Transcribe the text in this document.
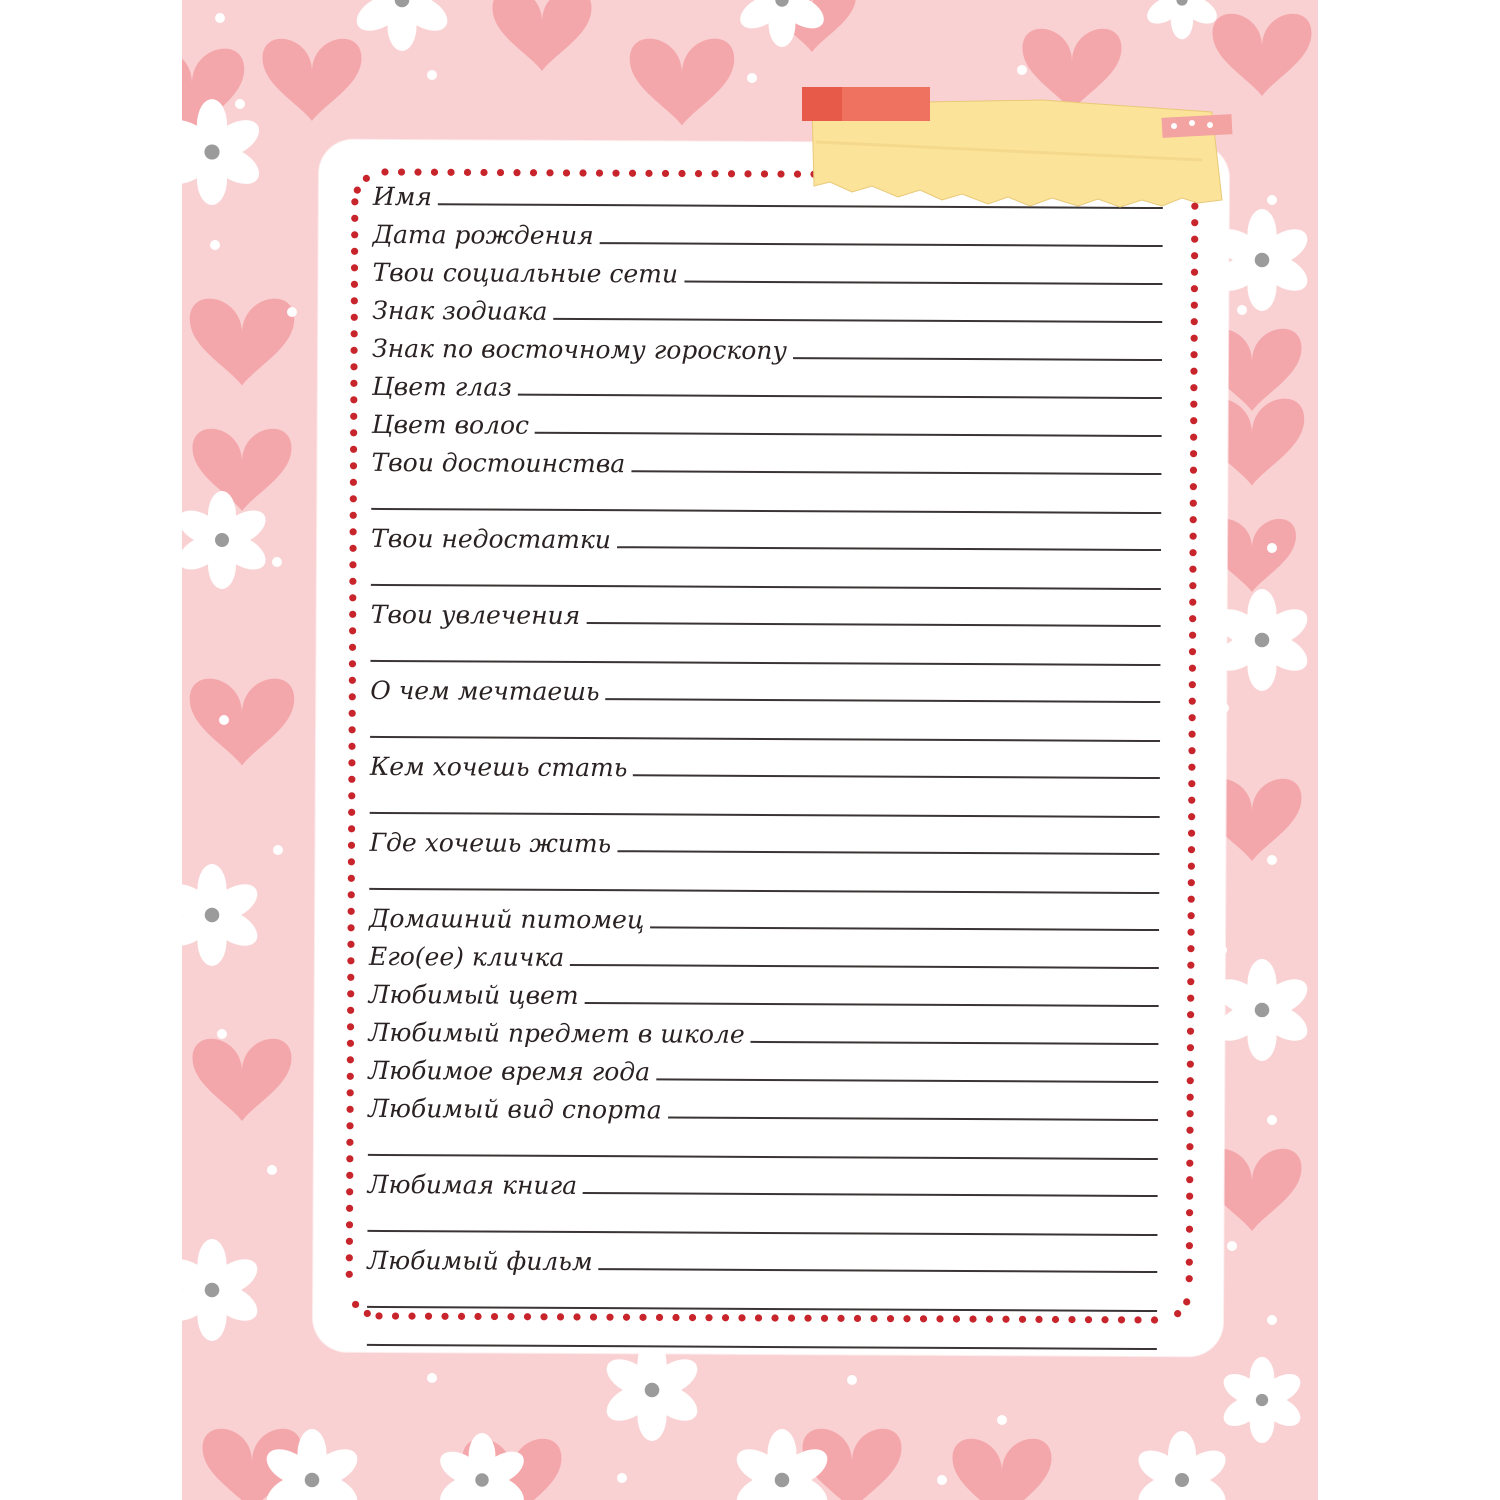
Имя
Дата рождения
Твои социальные сети
Знак зодиака
Знак по восточному гороскопу
Цвет глаз
Цвет волос
Твои достоинства
Твои недостатки
Твои увлечения
О чем мечтаешь
Кем хочешь стать
Где хочешь жить
Домашний питомец
Его(ее) кличка
Любимый цвет
Любимый предмет в школе
Любимое время года
Любимый вид спорта
Любимая книга
Любимый фильм
